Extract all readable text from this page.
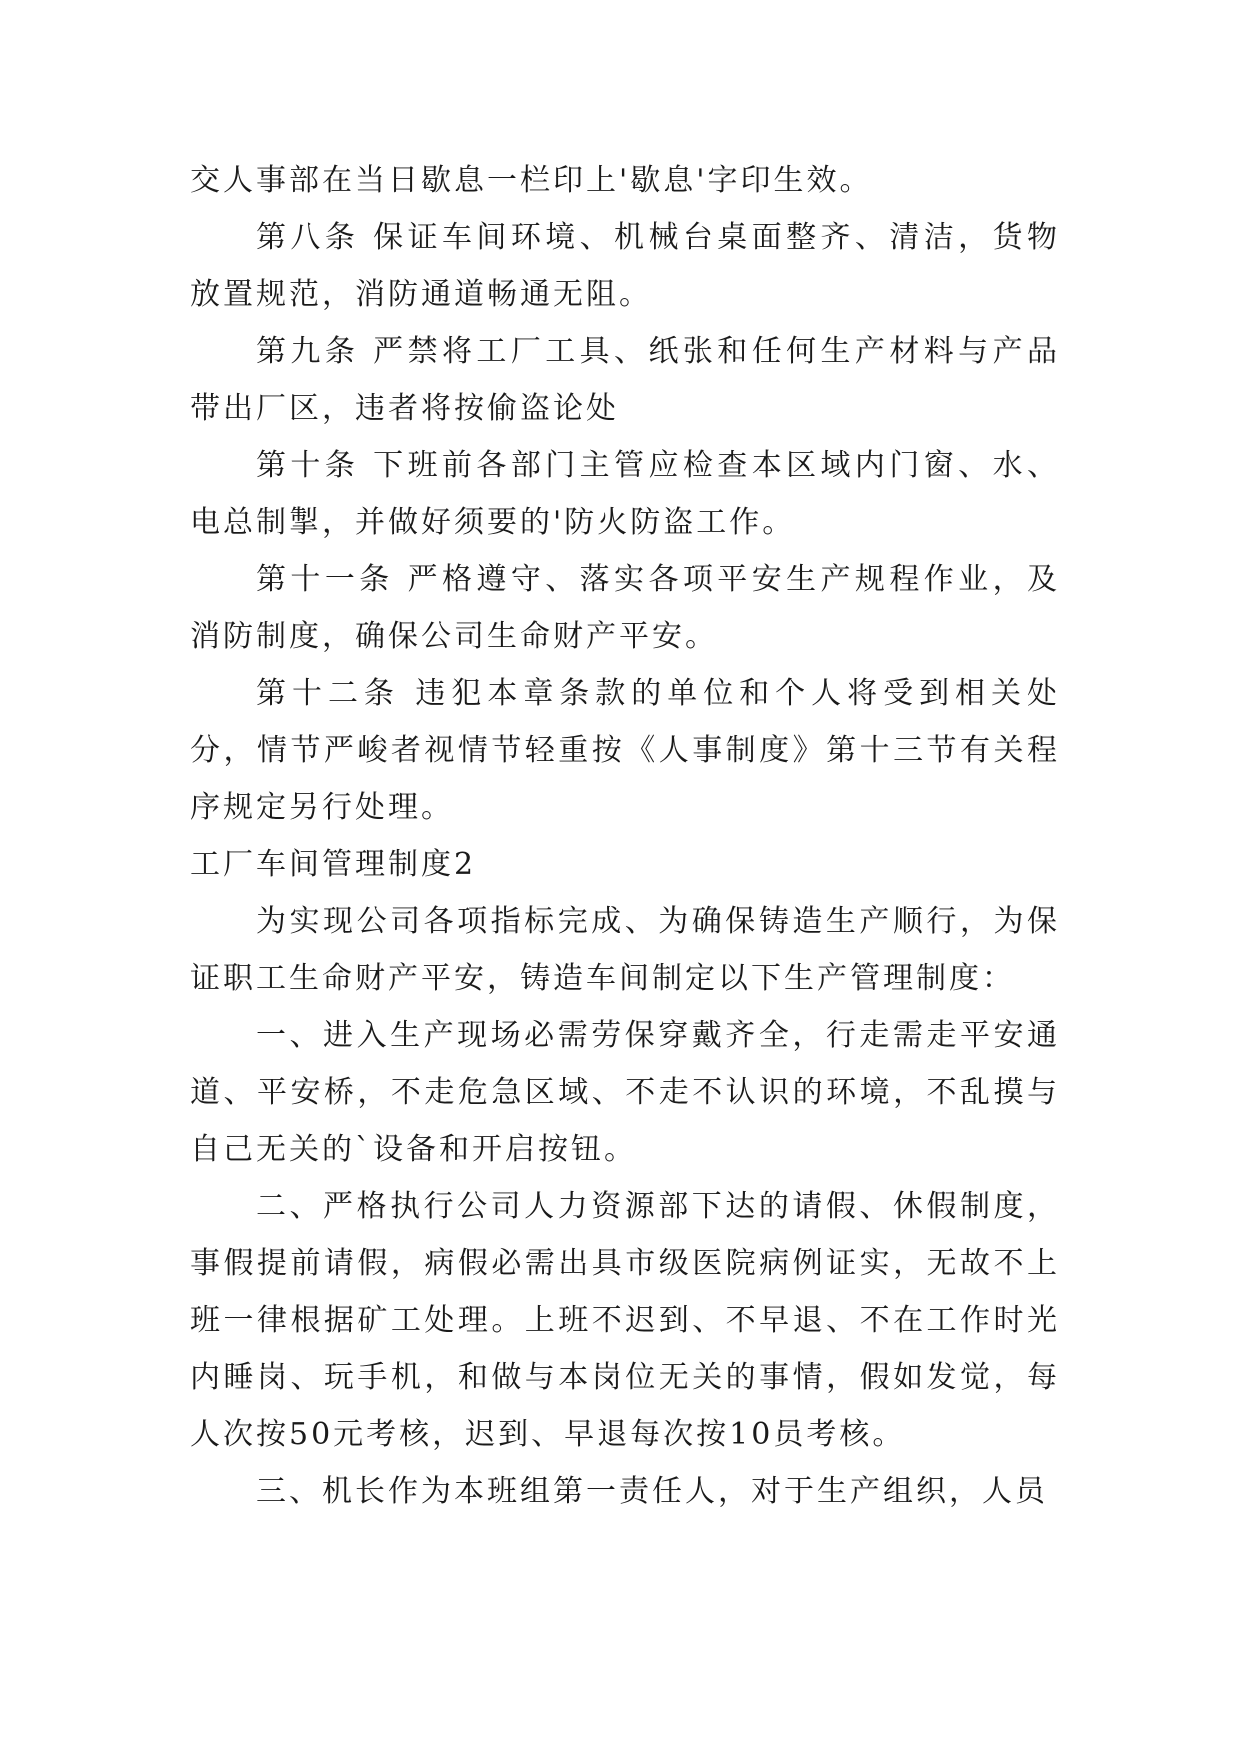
交人事部在当日歇息一栏印上'歇息'字印生效。

第八条 保证车间环境、机械台桌面整齐、清洁，货物放置规范，消防通道畅通无阻。

第九条 严禁将工厂工具、纸张和任何生产材料与产品带出厂区，违者将按偷盗论处

第十条 下班前各部门主管应检查本区域内门窗、水、电总制掣，并做好须要的'防火防盗工作。

第十一条 严格遵守、落实各项平安生产规程作业，及消防制度，确保公司生命财产平安。

第十二条 违犯本章条款的单位和个人将受到相关处分，情节严峻者视情节轻重按《人事制度》第十三节有关程序规定另行处理。

工厂车间管理制度2

为实现公司各项指标完成、为确保铸造生产顺行，为保证职工生命财产平安，铸造车间制定以下生产管理制度：

一、进入生产现场必需劳保穿戴齐全，行走需走平安通道、平安桥，不走危急区域、不走不认识的环境，不乱摸与自己无关的`设备和开启按钮。

二、严格执行公司人力资源部下达的请假、休假制度，事假提前请假，病假必需出具市级医院病例证实，无故不上班一律根据矿工处理。上班不迟到、不早退、不在工作时光内睡岗、玩手机，和做与本岗位无关的事情，假如发觉，每人次按50元考核，迟到、早退每次按10员考核。

三、机长作为本班组第一责任人，对于生产组织，人员
